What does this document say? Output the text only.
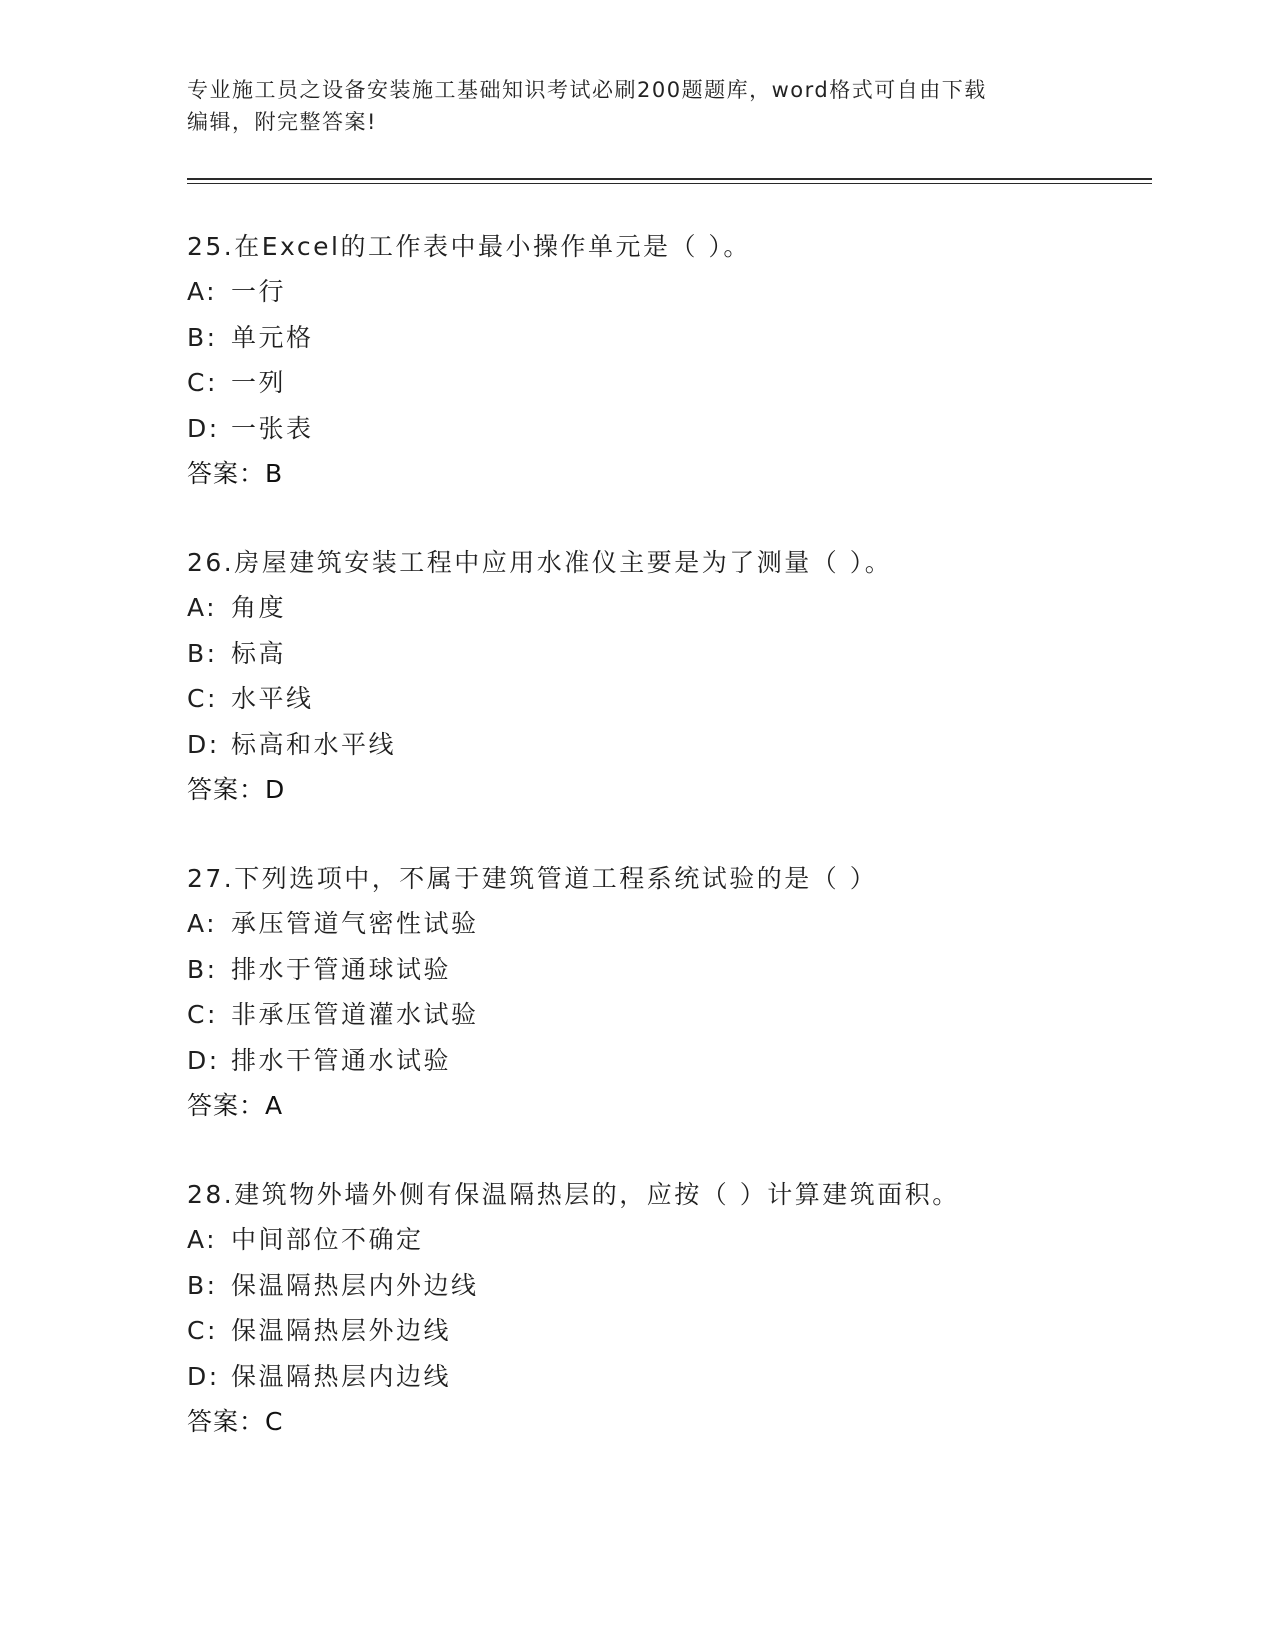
专业施工员之设备安装施工基础知识考试必刷200题题库，word格式可自由下载
编辑，附完整答案!
25.在Excel的工作表中最小操作单元是（ ）。
A: 一行
B: 单元格
C: 一列
D: 一张表
答案：B
26.房屋建筑安装工程中应用水准仪主要是为了测量（ ）。
A: 角度
B: 标高
C: 水平线
D: 标高和水平线
答案：D
27.下列选项中，不属于建筑管道工程系统试验的是（ ）
A: 承压管道气密性试验
B: 排水于管通球试验
C: 非承压管道灌水试验
D: 排水干管通水试验
答案：A
28.建筑物外墙外侧有保温隔热层的，应按（ ）计算建筑面积。
A: 中间部位不确定
B: 保温隔热层内外边线
C: 保温隔热层外边线
D: 保温隔热层内边线
答案：C
